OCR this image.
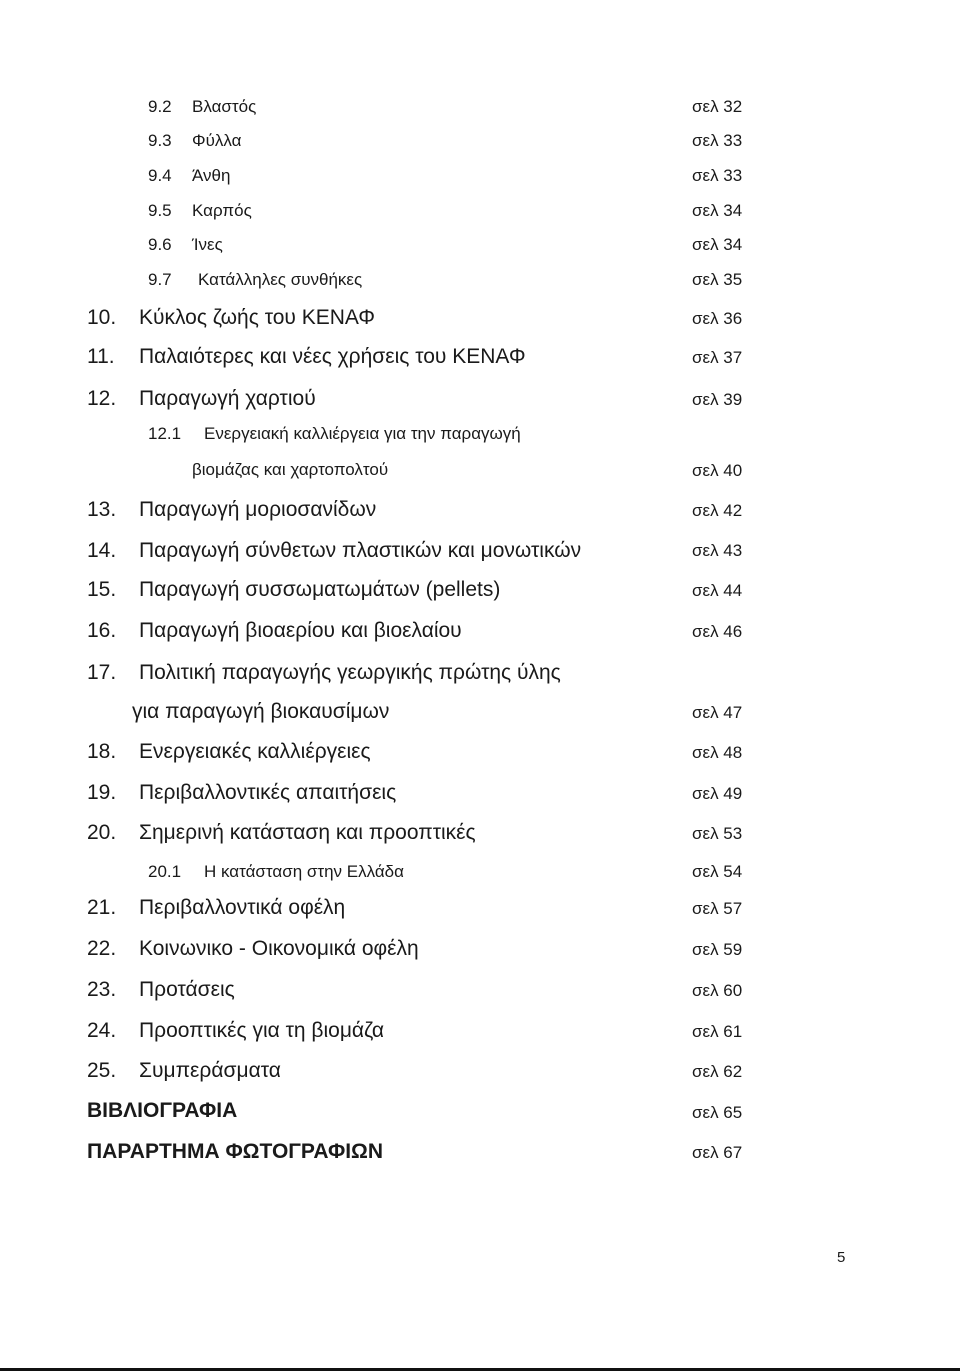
9.2 Βλαστός	σελ 32
9.3 Φύλλα	σελ 33
9.4 Άνθη	σελ 33
9.5 Καρπός	σελ 34
9.6 Ίνες	σελ 34
9.7 Κατάλληλες συνθήκες	σελ 35
10. Κύκλος ζωής του ΚΕΝΑΦ	σελ 36
11. Παλαιότερες και νέες χρήσεις του ΚΕΝΑΦ	σελ 37
12. Παραγωγή χαρτιού	σελ 39
12.1 Ενεργειακή καλλιέργεια για την παραγωγή
βιομάζας και χαρτοπολτού	σελ 40
13. Παραγωγή μοριοσανίδων	σελ 42
14. Παραγωγή σύνθετων πλαστικών και μονωτικών	σελ 43
15. Παραγωγή συσσωματωμάτων (pellets)	σελ 44
16. Παραγωγή βιοαερίου και βιοελαίου	σελ 46
17. Πολιτική παραγωγής γεωργικής πρώτης ύλης
για παραγωγή βιοκαυσίμων	σελ 47
18. Ενεργειακές καλλιέργειες	σελ 48
19. Περιβαλλοντικές απαιτήσεις	σελ 49
20. Σημερινή κατάσταση και προοπτικές	σελ 53
20.1 Η κατάσταση στην Ελλάδα	σελ 54
21. Περιβαλλοντικά οφέλη	σελ 57
22. Κοινωνικο - Οικονομικά οφέλη	σελ 59
23. Προτάσεις	σελ 60
24. Προοπτικές για τη βιομάζα	σελ 61
25. Συμπεράσματα	σελ 62
ΒΙΒΛΙΟΓΡΑΦΙΑ	σελ 65
ΠΑΡΑΡΤΗΜΑ ΦΩΤΟΓΡΑΦΙΩΝ	σελ 67
5
